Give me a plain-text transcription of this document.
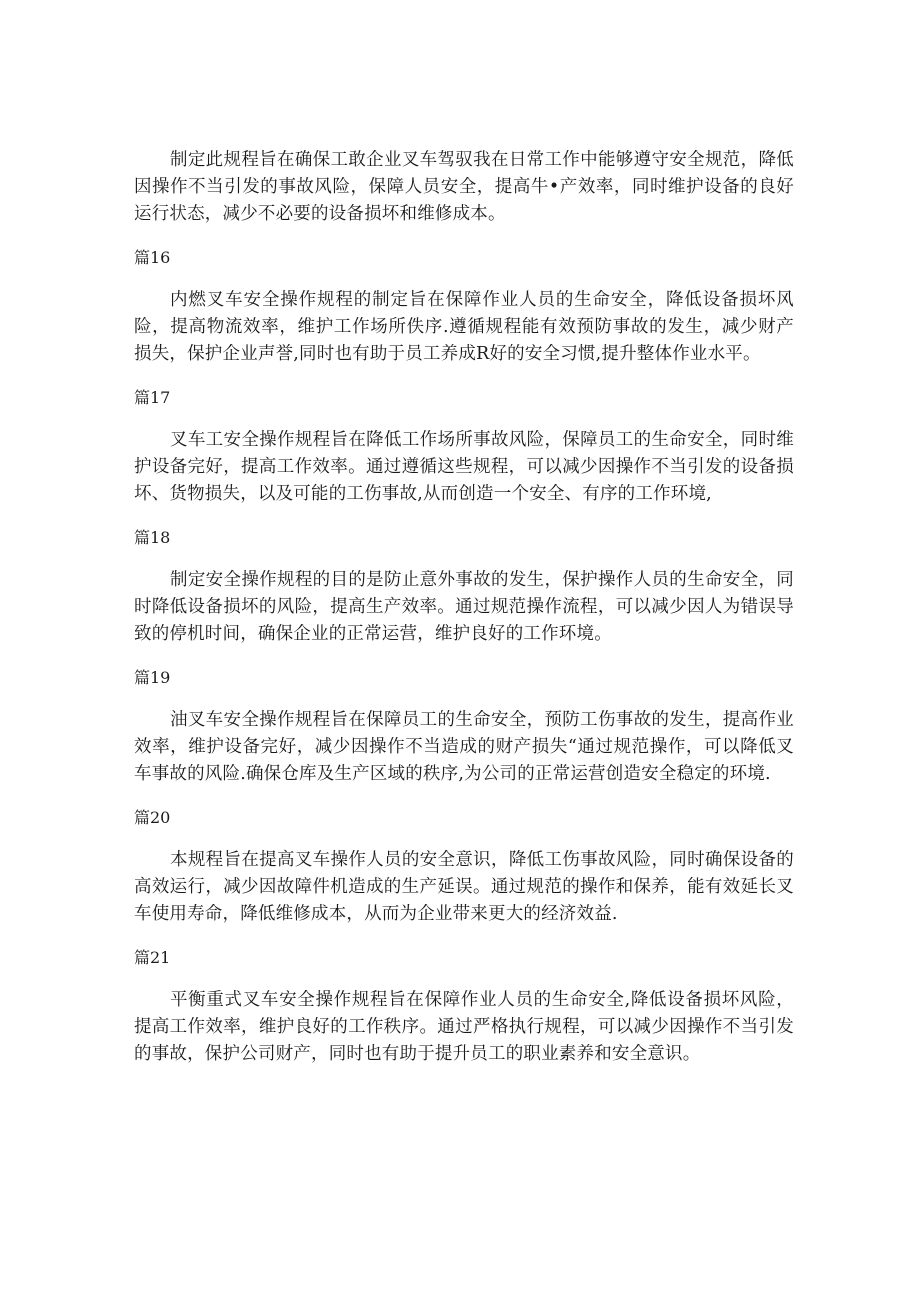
制定此规程旨在确保工敢企业叉车驾驭我在日常工作中能够遵守安全规范，降低因操作不当引发的事故风险，保障人员安全，提高牛•产效率，同时维护设备的良好运行状态，减少不必要的设备损坏和维修成本。

篇16

内燃叉车安全操作规程的制定旨在保障作业人员的生命安全，降低设备损坏风险，提高物流效率，维护工作场所佚序.遵循规程能有效预防事故的发生，减少财产损失，保护企业声誉,同时也有助于员工养成R好的安全习惯,提升整体作业水平。

篇17

叉车工安全操作规程旨在降低工作场所事故风险，保障员工的生命安全，同时维护设备完好，提高工作效率。通过遵循这些规程，可以减少因操作不当引发的设备损坏、货物损失，以及可能的工伤事故,从而创造一个安全、有序的工作环境,

篇18

制定安全操作规程的目的是防止意外事故的发生，保护操作人员的生命安全，同时降低设备损坏的风险，提高生产效率。通过规范操作流程，可以减少因人为错误导致的停机时间，确保企业的正常运营，维护良好的工作环境。

篇19

油叉车安全操作规程旨在保障员工的生命安全，预防工伤事故的发生，提高作业效率，维护设备完好，减少因操作不当造成的财产损失“通过规范操作，可以降低叉车事故的风险.确保仓库及生产区域的秩序,为公司的正常运营创造安全稳定的环境.

篇20

本规程旨在提高叉车操作人员的安全意识，降低工伤事故风险，同时确保设备的高效运行，减少因故障件机造成的生产延误。通过规范的操作和保养，能有效延长叉车使用寿命，降低维修成本，从而为企业带来更大的经济效益.

篇21

平衡重式叉车安全操作规程旨在保障作业人员的生命安全,降低设备损坏风险，提高工作效率，维护良好的工作秩序。通过严格执行规程，可以减少因操作不当引发的事故，保护公司财产，同时也有助于提升员工的职业素养和安全意识。
